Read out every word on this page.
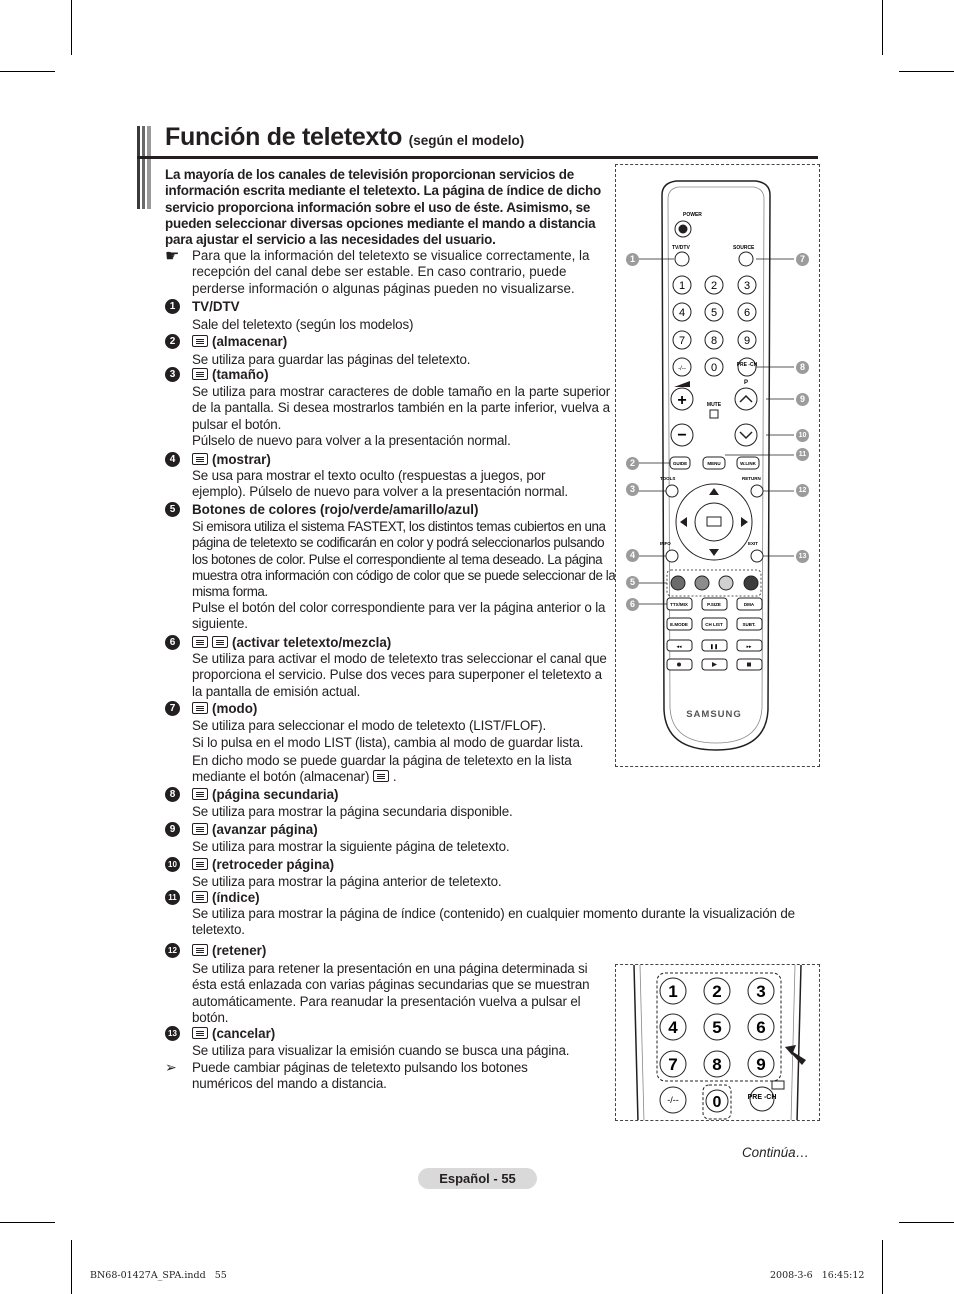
Función de teletexto (según el modelo)
La mayoría de los canales de televisión proporcionan servicios de información escrita mediante el teletexto. La página de índice de dicho servicio proporciona información sobre el uso de éste. Asimismo, se pueden seleccionar diversas opciones mediante el mando a distancia para ajustar el servicio a las necesidades del usuario.
☛ Para que la información del teletexto se visualice correctamente, la recepción del canal debe ser estable. En caso contrario, puede perderse información o algunas páginas pueden no visualizarse.
1	TV/DTV
Sale del teletexto (según los modelos)
2	(almacenar)
Se utiliza para guardar las páginas del teletexto.
3	(tamaño)
Se utiliza para mostrar caracteres de doble tamaño en la parte superior de la pantalla. Si desea mostrarlos también en la parte inferior, vuelva a pulsar el botón.
Púlselo de nuevo para volver a la presentación normal.
4	(mostrar)
Se usa para mostrar el texto oculto (respuestas a juegos, por ejemplo). Púlselo de nuevo para volver a la presentación normal.
5	Botones de colores (rojo/verde/amarillo/azul)
Si emisora utiliza el sistema FASTEXT, los distintos temas cubiertos en una página de teletexto se codificarán en color y podrá seleccionarlos pulsando los botones de color. Pulse el correspondiente al tema deseado. La página muestra otra información con código de color que se puede seleccionar de la misma forma.
Pulse el botón del color correspondiente para ver la página anterior o la siguiente.
6	(activar teletexto/mezcla)
Se utiliza para activar el modo de teletexto tras seleccionar el canal que proporciona el servicio. Pulse dos veces para superponer el teletexto a la pantalla de emisión actual.
7	(modo)
Se utiliza para seleccionar el modo de teletexto (LIST/FLOF).
Si lo pulsa en el modo LIST (lista), cambia al modo de guardar lista.
En dicho modo se puede guardar la página de teletexto en la lista mediante el botón (almacenar) .
8	(página secundaria)
Se utiliza para mostrar la página secundaria disponible.
9	(avanzar página)
Se utiliza para mostrar la siguiente página de teletexto.
10	(retroceder página)
Se utiliza para mostrar la página anterior de teletexto.
11	(índice)
Se utiliza para mostrar la página de índice (contenido) en cualquier momento durante la visualización de teletexto.
12	(retener)
Se utiliza para retener la presentación en una página determinada si ésta está enlazada con varias páginas secundarias que se muestran automáticamente. Para reanudar la presentación vuelva a pulsar el botón.
13	(cancelar)
Se utiliza para visualizar la emisión cuando se busca una página.
➢ Puede cambiar páginas de teletexto pulsando los botones numéricos del mando a distancia.
POWER
TV/DTV	SOURCE
1 2 3
4 5 6
7 8 9
-/-- 0	PRE -CH
+
−
MUTE
P
GUIDE	MENU	W.LINK
TOOLS	RETURN
INFO	EXIT
TTX/MIX	P.SIZE	DMA
E.MODE	CH LIST	SUBT.
◂◂	❚❚	▸▸
SAMSUNG
1
2
3
4
5
6
7
8
9
10
11
12
13
1 2 3
4 5 6
7 8 9
-/-- 0	PRE -CH
Continúa…
Español - 55
BN68-01427A_SPA.indd   55	2008-3-6   16:45:12
